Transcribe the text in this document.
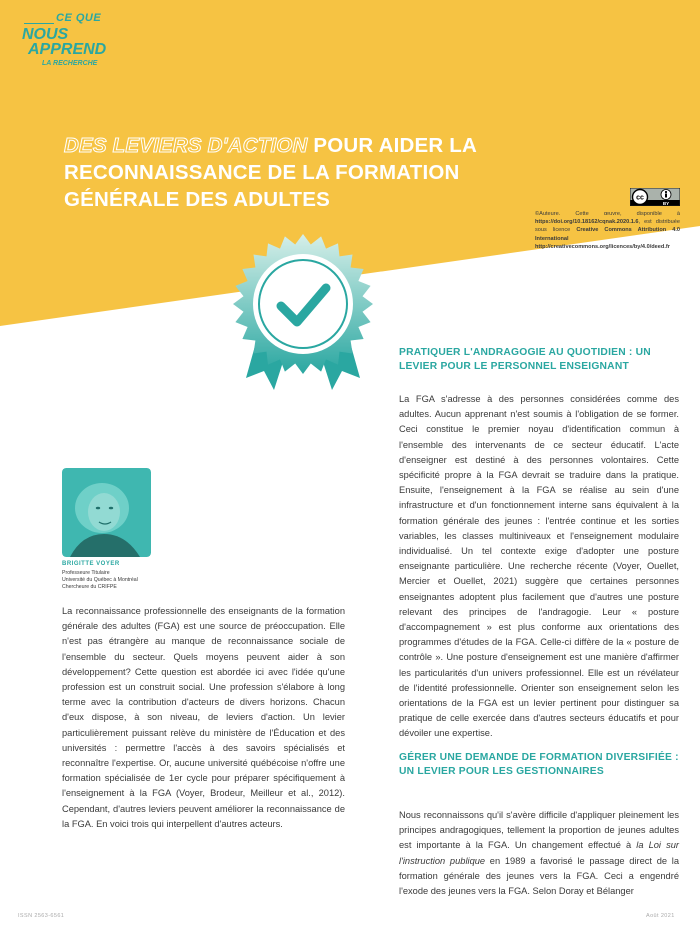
CE QUE
NOUS
APPREND
LA RECHERCHE
DES LEVIERS D'ACTION POUR AIDER LA
RECONNAISSANCE DE LA FORMATION
GÉNÉRALE DES ADULTES	cc
BY
©Auteure. Cette œuvre, disponible à https://doi.org/10.18162/cqnak.2020.1.6, est distribuée sous licence Creative Commons Attribution 4.0 International http://creativecommons.org/licences/by/4.0/deed.fr
BRIGITTE VOYER
Professeure Titulaire
Université du Québec à Montréal
Chercheure du CRIFPE

La reconnaissance professionnelle des enseignants de la formation générale des adultes (FGA) est une source de préoccupation. Elle n'est pas étrangère au manque de reconnaissance sociale de l'ensemble du secteur. Quels moyens peuvent aider à son développement? Cette question est abordée ici avec l'idée qu'une profession est un construit social. Une profession s'élabore à long terme avec la contribution d'acteurs de divers horizons. Chacun d'eux dispose, à son niveau, de leviers d'action. Un levier particulièrement puissant relève du ministère de l'Éducation et des universités : permettre l'accès à des savoirs spécialisés et reconnaître l'expertise. Or, aucune université québécoise n'offre une formation spécialisée de 1er cycle pour préparer spécifiquement à l'enseignement à la FGA (Voyer, Brodeur, Meilleur et al., 2012). Cependant, d'autres leviers peuvent améliorer la reconnaissance de la FGA. En voici trois qui interpellent d'autres acteurs.

PRATIQUER L'ANDRAGOGIE AU QUOTIDIEN : UN LEVIER POUR LE PERSONNEL ENSEIGNANT

La FGA s'adresse à des personnes considérées comme des adultes. Aucun apprenant n'est soumis à l'obligation de se former. Ceci constitue le premier noyau d'identification commun à l'ensemble des intervenants de ce secteur éducatif. L'acte d'enseigner est destiné à des personnes volontaires. Cette spécificité propre à la FGA devrait se traduire dans la pratique. Ensuite, l'enseignement à la FGA se réalise au sein d'une infrastructure et d'un fonctionnement interne sans équivalent à la formation générale des jeunes : l'entrée continue et les sorties variables, les classes multiniveaux et l'enseignement modulaire individualisé. Un tel contexte exige d'adopter une posture enseignante particulière. Une recherche récente (Voyer, Ouellet, Mercier et Ouellet, 2021) suggère que certaines personnes enseignantes adoptent plus facilement que d'autres une posture relevant des principes de l'andragogie. Leur « posture d'accompagnement » est plus conforme aux orientations des programmes d'études de la FGA. Celle-ci diffère de la « posture de contrôle ». Une posture d'enseignement est une manière d'affirmer les particularités d'un univers professionnel. Elle est un révélateur de l'identité professionnelle. Orienter son enseignement selon les orientations de la FGA est un levier pertinent pour distinguer sa pratique de celle exercée dans d'autres secteurs éducatifs et pour dévoiler une expertise.

GÉRER UNE DEMANDE DE FORMATION DIVERSIFIÉE : UN LEVIER POUR LES GESTIONNAIRES

Nous reconnaissons qu'il s'avère difficile d'appliquer pleinement les principes andragogiques, tellement la proportion de jeunes adultes est importante à la FGA. Un changement effectué à la Loi sur l'instruction publique en 1989 a favorisé le passage direct de la formation générale des jeunes vers la FGA. Ceci a engendré l'exode des jeunes vers la FGA. Selon Doray et Bélanger

ISSN 2563-6561	Août 2021
